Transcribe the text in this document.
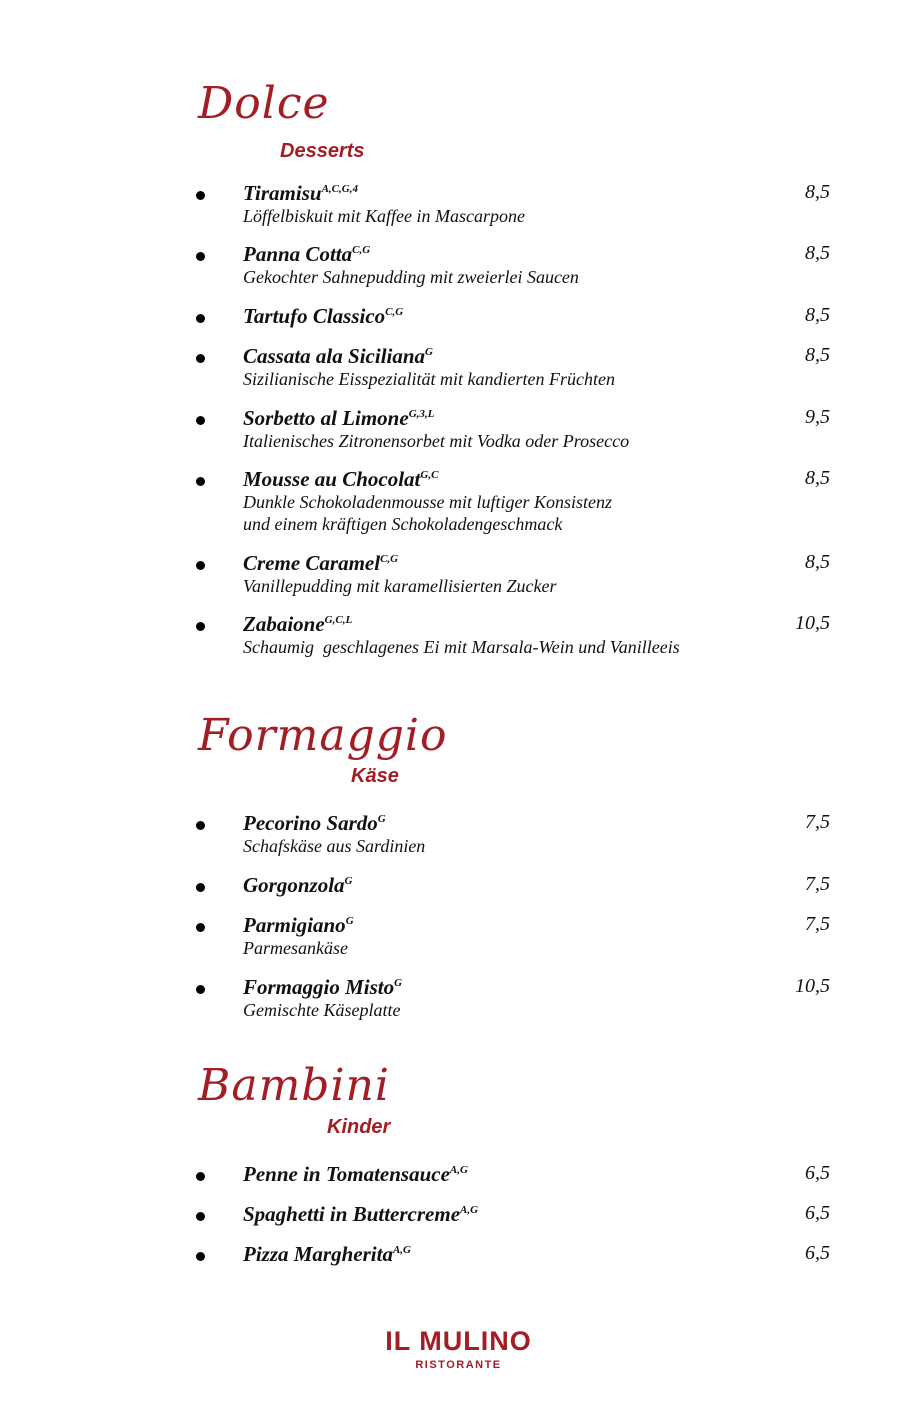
Dolce
Desserts
Formaggio
Käse
Bambini
Kinder
Tiramisu$^{A,C,G,4}$
Löffelbiskuit mit Kaffee in Mascarpone
8,5
Panna Cotta$^{C,G}$
Gekochter Sahnepudding mit zweierlei Saucen
8,5
Tartufo Classico$^{C,G}$	8,5
Cassata ala Siciliana$^G$
Sizilianische Eisspezialität mit kandierten Früchten
8,5
Sorbetto al Limone$^{G,3,L}$
Italienisches Zitronensorbet mit Vodka oder Prosecco
9,5
Mousse au Chocolat$^{G,C}$
Dunkle Schokoladenmousse mit luftiger Konsistenz
und einem kräftigen Schokoladengeschmack
8,5
Creme Caramel$^{C,G}$
Vanillepudding mit karamellisierten Zucker
8,5
Zabaione$^{G,C,L}$
Schaumig  geschlagenes Ei mit Marsala-Wein und Vanilleeis
10,5
Pecorino Sardo$^G$
Schafskäse aus Sardinien
7,5
Gorgonzola$^G$	7,5
Parmigiano$^G$
Parmesankäse
7,5
Formaggio Misto$^G$
Gemischte Käseplatte
10,5
Penne in Tomatensauce$^{A,G}$	6,5
Spaghetti in Buttercreme$^{A,G}$	6,5
Pizza Margherita$^{A,G}$	6,5
IL MULINO
RISTORANTE
